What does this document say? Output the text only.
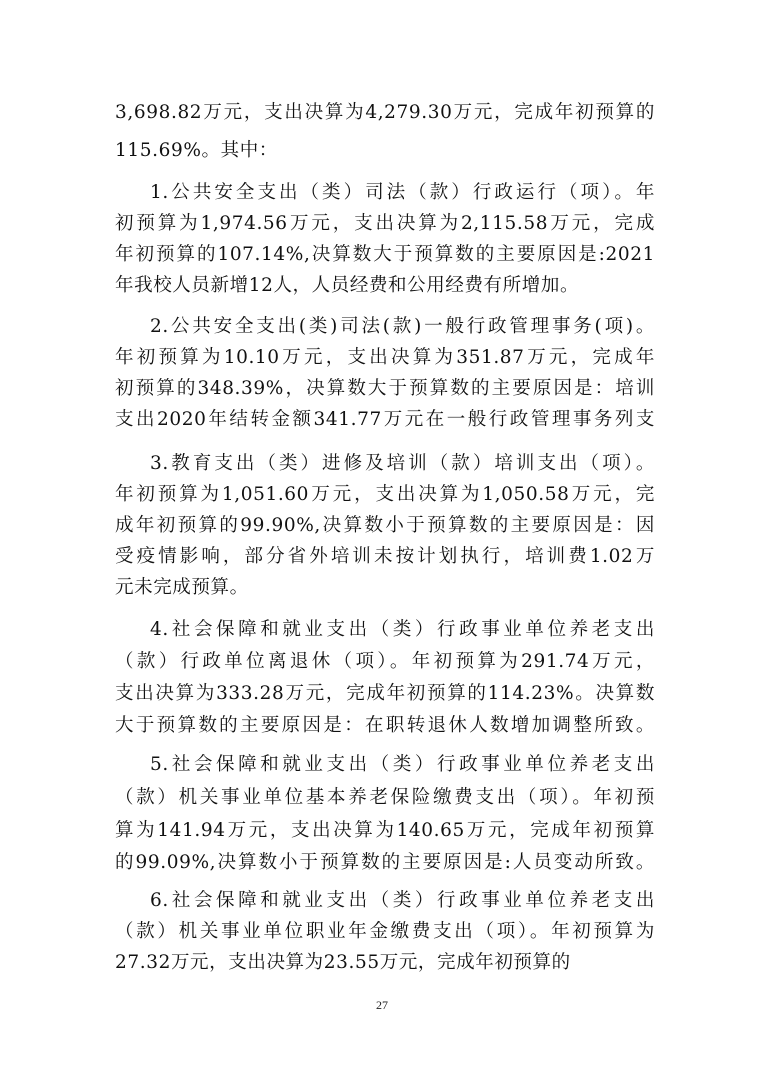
3,698.82万元，支出决算为4,279.30万元，完成年初预算的
115.69%。其中：
1.公共安全支出（类）司法（款）行政运行（项）。年
初预算为1,974.56万元，支出决算为2,115.58万元，完成
年初预算的107.14%,决算数大于预算数的主要原因是:2021
年我校人员新增12人，人员经费和公用经费有所增加。
2.公共安全支出(类)司法(款)一般行政管理事务(项)。
年初预算为10.10万元，支出决算为351.87万元，完成年
初预算的348.39%，决算数大于预算数的主要原因是：培训
支出2020年结转金额341.77万元在一般行政管理事务列支
3.教育支出（类）进修及培训（款）培训支出（项）。
年初预算为1,051.60万元，支出决算为1,050.58万元，完
成年初预算的99.90%,决算数小于预算数的主要原因是：因
受疫情影响，部分省外培训未按计划执行，培训费1.02万
元未完成预算。
4.社会保障和就业支出（类）行政事业单位养老支出
（款）行政单位离退休（项）。年初预算为291.74万元，
支出决算为333.28万元，完成年初预算的114.23%。决算数
大于预算数的主要原因是：在职转退休人数增加调整所致。
5.社会保障和就业支出（类）行政事业单位养老支出
（款）机关事业单位基本养老保险缴费支出（项）。年初预
算为141.94万元，支出决算为140.65万元，完成年初预算
的99.09%,决算数小于预算数的主要原因是:人员变动所致。
6.社会保障和就业支出（类）行政事业单位养老支出
（款）机关事业单位职业年金缴费支出（项）。年初预算为
27.32万元，支出决算为23.55万元，完成年初预算的
27
